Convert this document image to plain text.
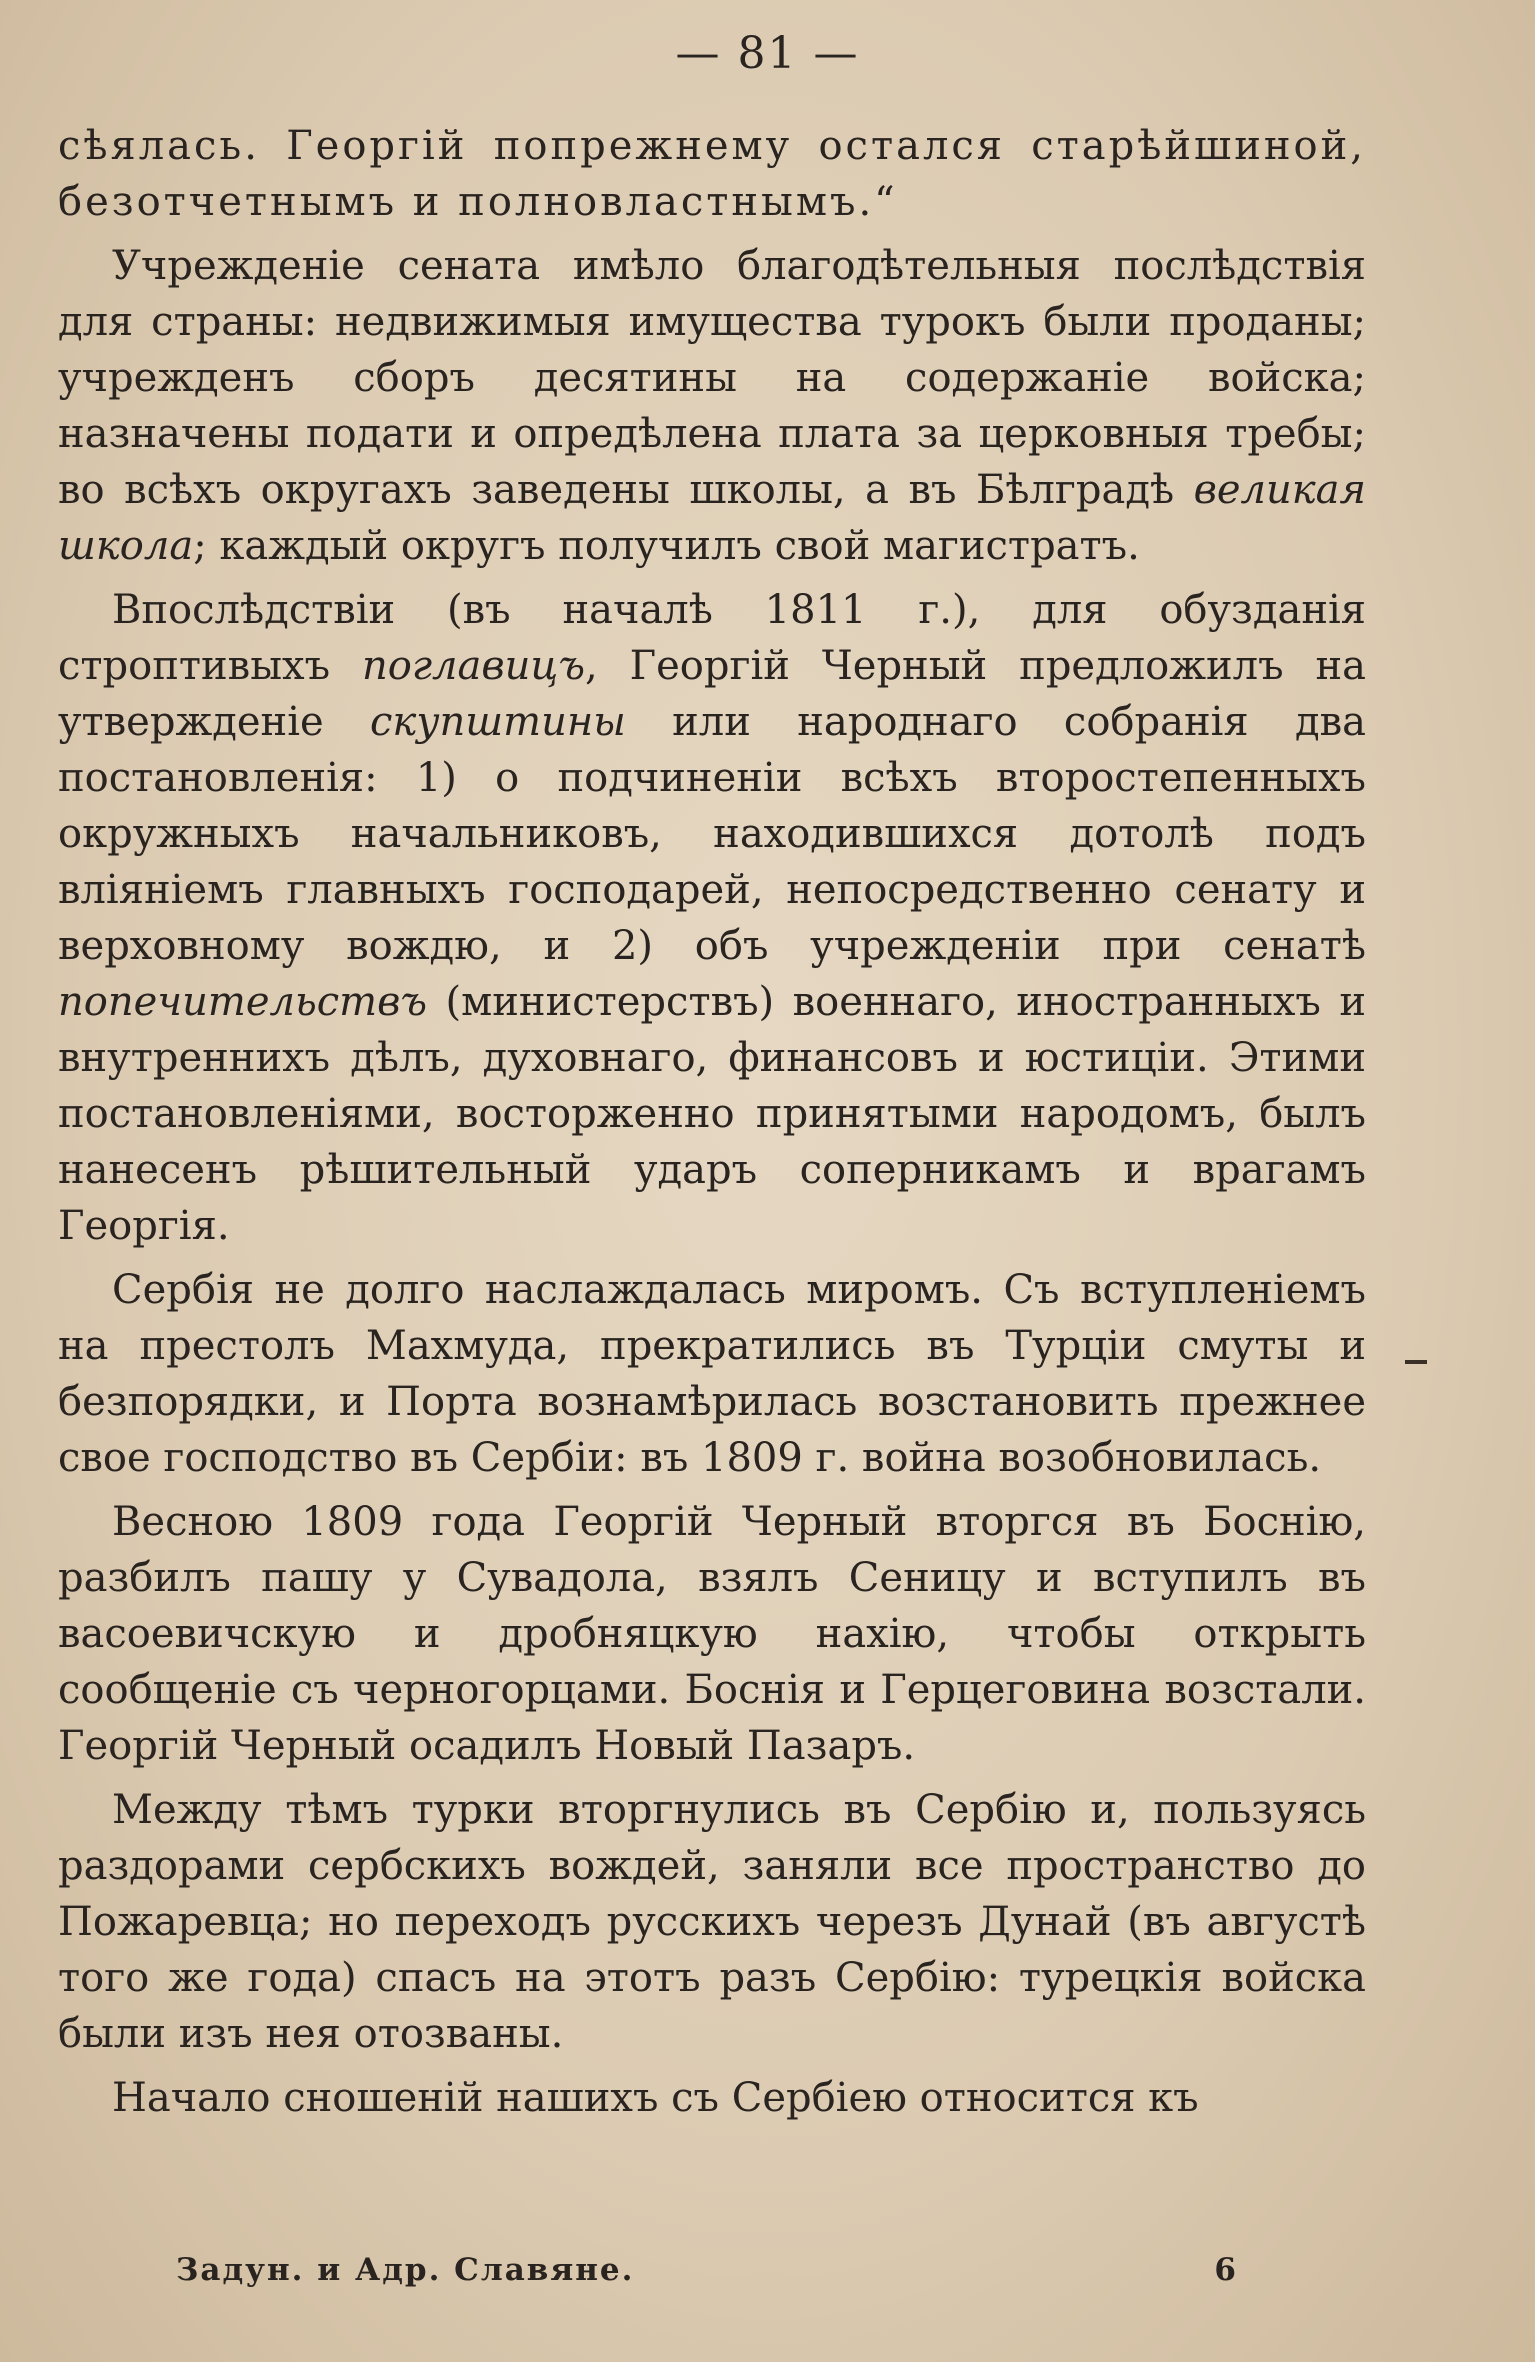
— 81 —

сѣялась. Георгій попрежнему остался старѣйшиной, безотчетнымъ и полновластнымъ.“

Учрежденіе сената имѣло благодѣтельныя послѣдствія для страны: недвижимыя имущества турокъ были проданы; учрежденъ сборъ десятины на содержаніе войска; назначены подати и опредѣлена плата за церковныя требы; во всѣхъ округахъ заведены школы, а въ Бѣлградѣ великая школа; каждый округъ получилъ свой магистратъ.

Впослѣдствіи (въ началѣ 1811 г.), для обузданія строптивыхъ поглавицъ, Георгій Черный предложилъ на утвержденіе скупштины или народнаго собранія два постановленія: 1) о подчиненіи всѣхъ второстепенныхъ окружныхъ начальниковъ, находившихся дотолѣ подъ вліяніемъ главныхъ господарей, непосредственно сенату и верховному вождю, и 2) объ учрежденіи при сенатѣ попечительствъ (министерствъ) военнаго, иностранныхъ и внутреннихъ дѣлъ, духовнаго, финансовъ и юстиціи. Этими постановленіями, восторженно принятыми народомъ, былъ нанесенъ рѣшительный ударъ соперникамъ и врагамъ Георгія.

Сербія не долго наслаждалась миромъ. Съ вступленіемъ на престолъ Махмуда, прекратились въ Турціи смуты и безпорядки, и Порта вознамѣрилась возстановить прежнее свое господство въ Сербіи: въ 1809 г. война возобновилась.

Весною 1809 года Георгій Черный вторгся въ Боснію, разбилъ пашу у Сувадола, взялъ Сеницу и вступилъ въ васоевичскую и дробняцкую нахію, чтобы открыть сообщеніе съ черногорцами. Боснія и Герцеговина возстали. Георгій Черный осадилъ Новый Пазаръ.

Между тѣмъ турки вторгнулись въ Сербію и, пользуясь раздорами сербскихъ вождей, заняли все пространство до Пожаревца; но переходъ русскихъ черезъ Дунай (въ августѣ того же года) спасъ на этотъ разъ Сербію: турецкія войска были изъ нея отозваны.

Начало сношеній нашихъ съ Сербіею относится къ

Задун. и Адр. Славяне.	6
